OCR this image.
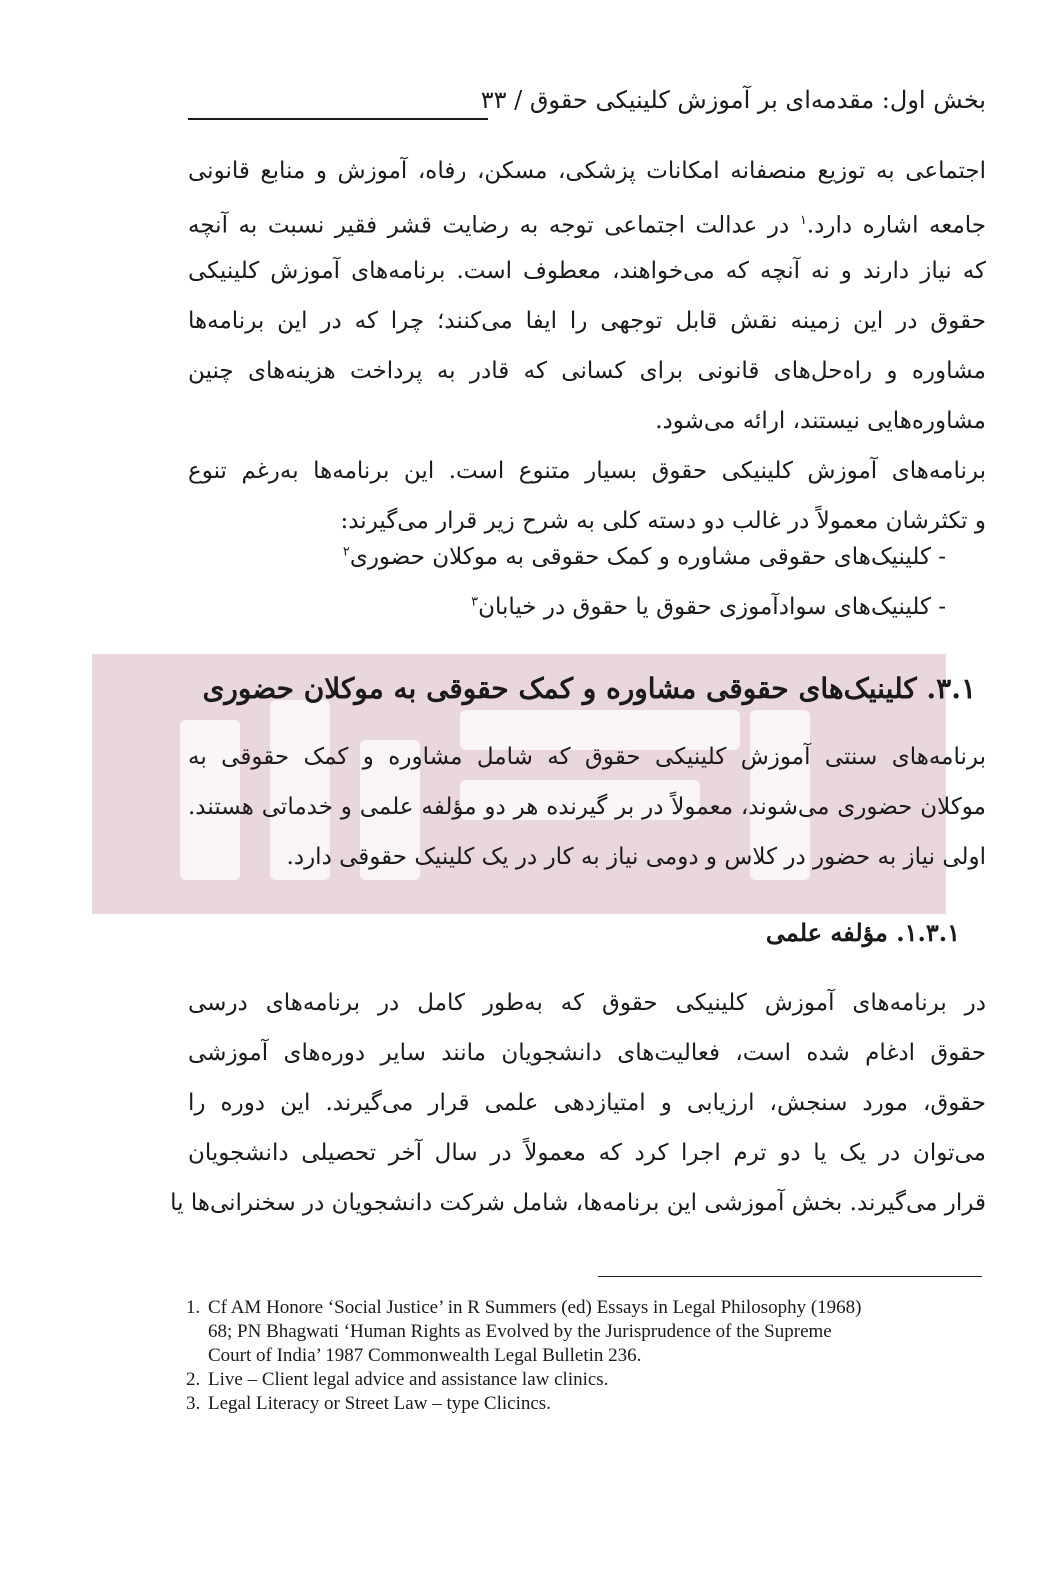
بخش اول: مقدمه‌ای بر آموزش کلینیکی حقوق / ۳۳
اجتماعی به توزیع منصفانه امکانات پزشکی، مسکن، رفاه، آموزش و منابع قانونی
جامعه اشاره دارد.$^۱$ در عدالت اجتماعی توجه به رضایت قشر فقیر نسبت به آنچه
که نیاز دارند و نه آنچه که می‌خواهند، معطوف است. برنامه‌های آموزش کلینیکی
حقوق در این زمینه نقش قابل توجهی را ایفا می‌کنند؛ چرا که در این برنامه‌ها
مشاوره و راه‌حل‌های قانونی برای کسانی که قادر به پرداخت هزینه‌های چنین
مشاوره‌هایی نیستند، ارائه می‌شود.
برنامه‌های آموزش کلینیکی حقوق بسیار متنوع است. این برنامه‌ها به‌رغم تنوع
و تکثرشان معمولاً در غالب دو دسته کلی به شرح زیر قرار می‌گیرند:
- کلینیک‌های حقوقی مشاوره و کمک حقوقی به موکلان حضوری$^۲$
- کلینیک‌های سوادآموزی حقوق یا حقوق در خیابان$^۳$
۳.۱. کلینیک‌های حقوقی مشاوره و کمک حقوقی به موکلان حضوری
برنامه‌های سنتی آموزش کلینیکی حقوق که شامل مشاوره و کمک حقوقی به
موکلان حضوری می‌شوند، معمولاً در بر گیرنده هر دو مؤلفه علمی و خدماتی هستند.
اولی نیاز به حضور در کلاس و دومی نیاز به کار در یک کلینیک حقوقی دارد.
۱.۳.۱. مؤلفه علمی
در برنامه‌های آموزش کلینیکی حقوق که به‌طور کامل در برنامه‌های درسی
حقوق ادغام شده است، فعالیت‌های دانشجویان مانند سایر دوره‌های آموزشی
حقوق، مورد سنجش، ارزیابی و امتیازدهی علمی قرار می‌گیرند. این دوره را
می‌توان در یک یا دو ترم اجرا کرد که معمولاً در سال آخر تحصیلی دانشجویان
قرار می‌گیرند. بخش آموزشی این برنامه‌ها، شامل شرکت دانشجویان در سخنرانی‌ها یا

1. Cf AM Honore ‘Social Justice’ in R Summers (ed) Essays in Legal Philosophy (1968)
68; PN Bhagwati ‘Human Rights as Evolved by the Jurisprudence of the Supreme
Court of India’ 1987 Commonwealth Legal Bulletin 236.

2. Live – Client legal advice and assistance law clinics.

3. Legal Literacy or Street Law – type Clicincs.
